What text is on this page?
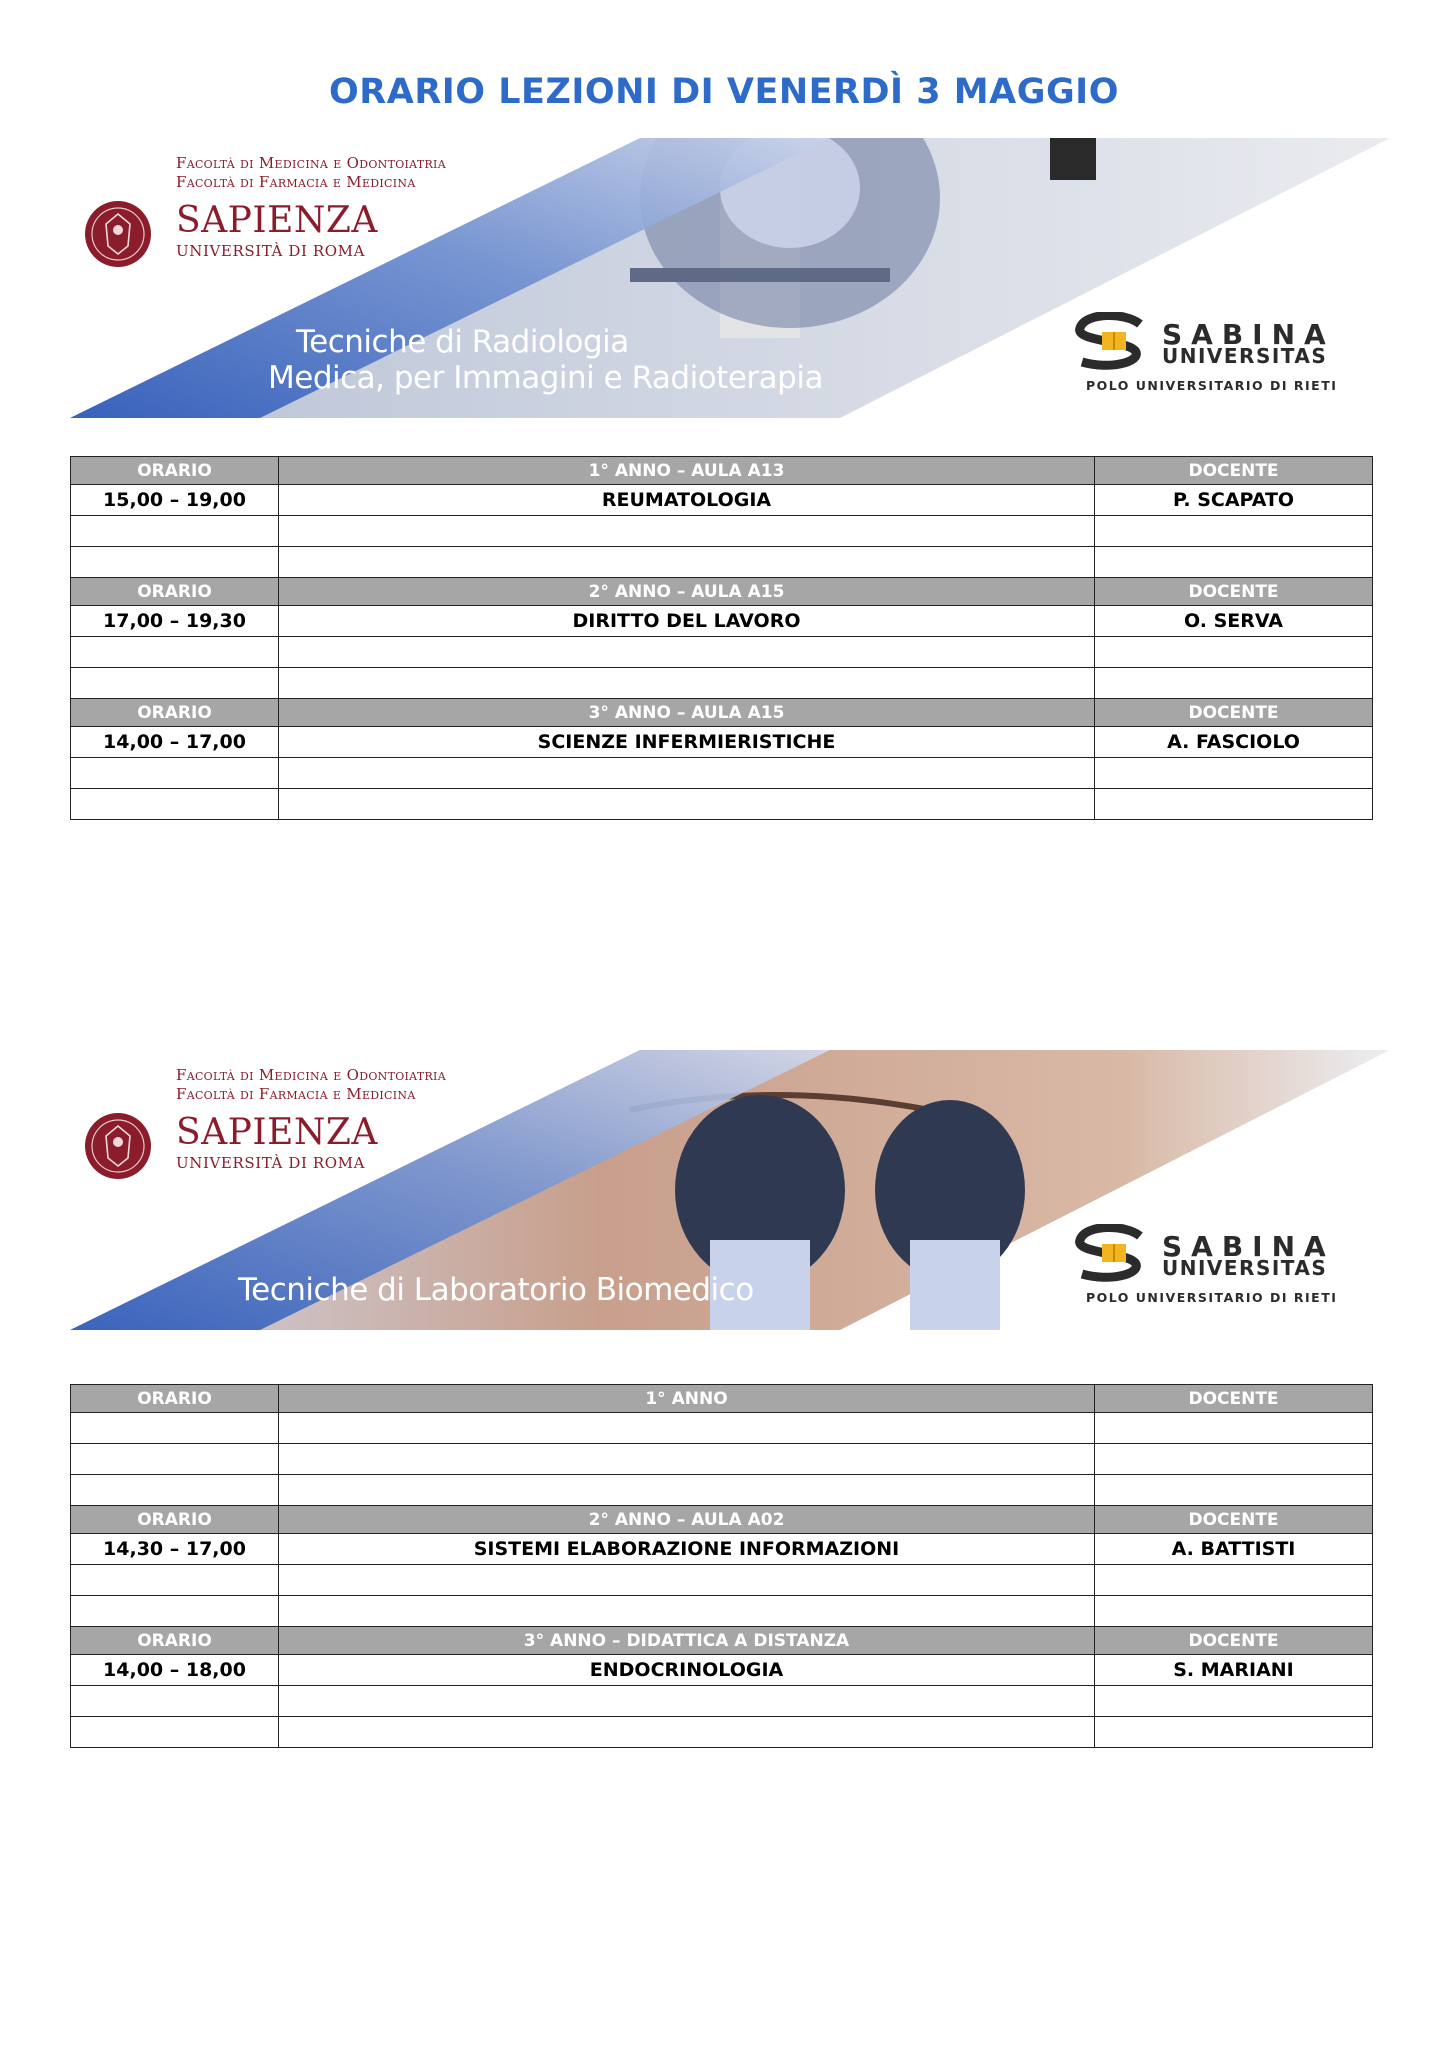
ORARIO LEZIONI DI VENERDÌ 3 MAGGIO
Facoltà di Medicina e Odontoiatria
Facoltà di Farmacia e Medicina
SAPIENZA
UNIVERSITÀ DI ROMA
Tecniche di Radiologia
Medica, per Immagini e Radioterapia
SABINA
UNIVERSITAS
POLO UNIVERSITARIO DI RIETI
ORARIO	1° ANNO – AULA A13	DOCENTE
15,00 – 19,00	REUMATOLOGIA	P. SCAPATO

ORARIO	2° ANNO – AULA A15	DOCENTE
17,00 – 19,30	DIRITTO DEL LAVORO	O. SERVA

ORARIO	3° ANNO – AULA A15	DOCENTE
14,00 – 17,00	SCIENZE INFERMIERISTICHE	A. FASCIOLO

Facoltà di Medicina e Odontoiatria
Facoltà di Farmacia e Medicina
SAPIENZA
UNIVERSITÀ DI ROMA
Tecniche di Laboratorio Biomedico
SABINA
UNIVERSITAS
POLO UNIVERSITARIO DI RIETI
ORARIO	1° ANNO	DOCENTE

ORARIO	2° ANNO – AULA A02	DOCENTE
14,30 – 17,00	SISTEMI ELABORAZIONE INFORMAZIONI	A. BATTISTI

ORARIO	3° ANNO – DIDATTICA A DISTANZA	DOCENTE
14,00 – 18,00	ENDOCRINOLOGIA	S. MARIANI
